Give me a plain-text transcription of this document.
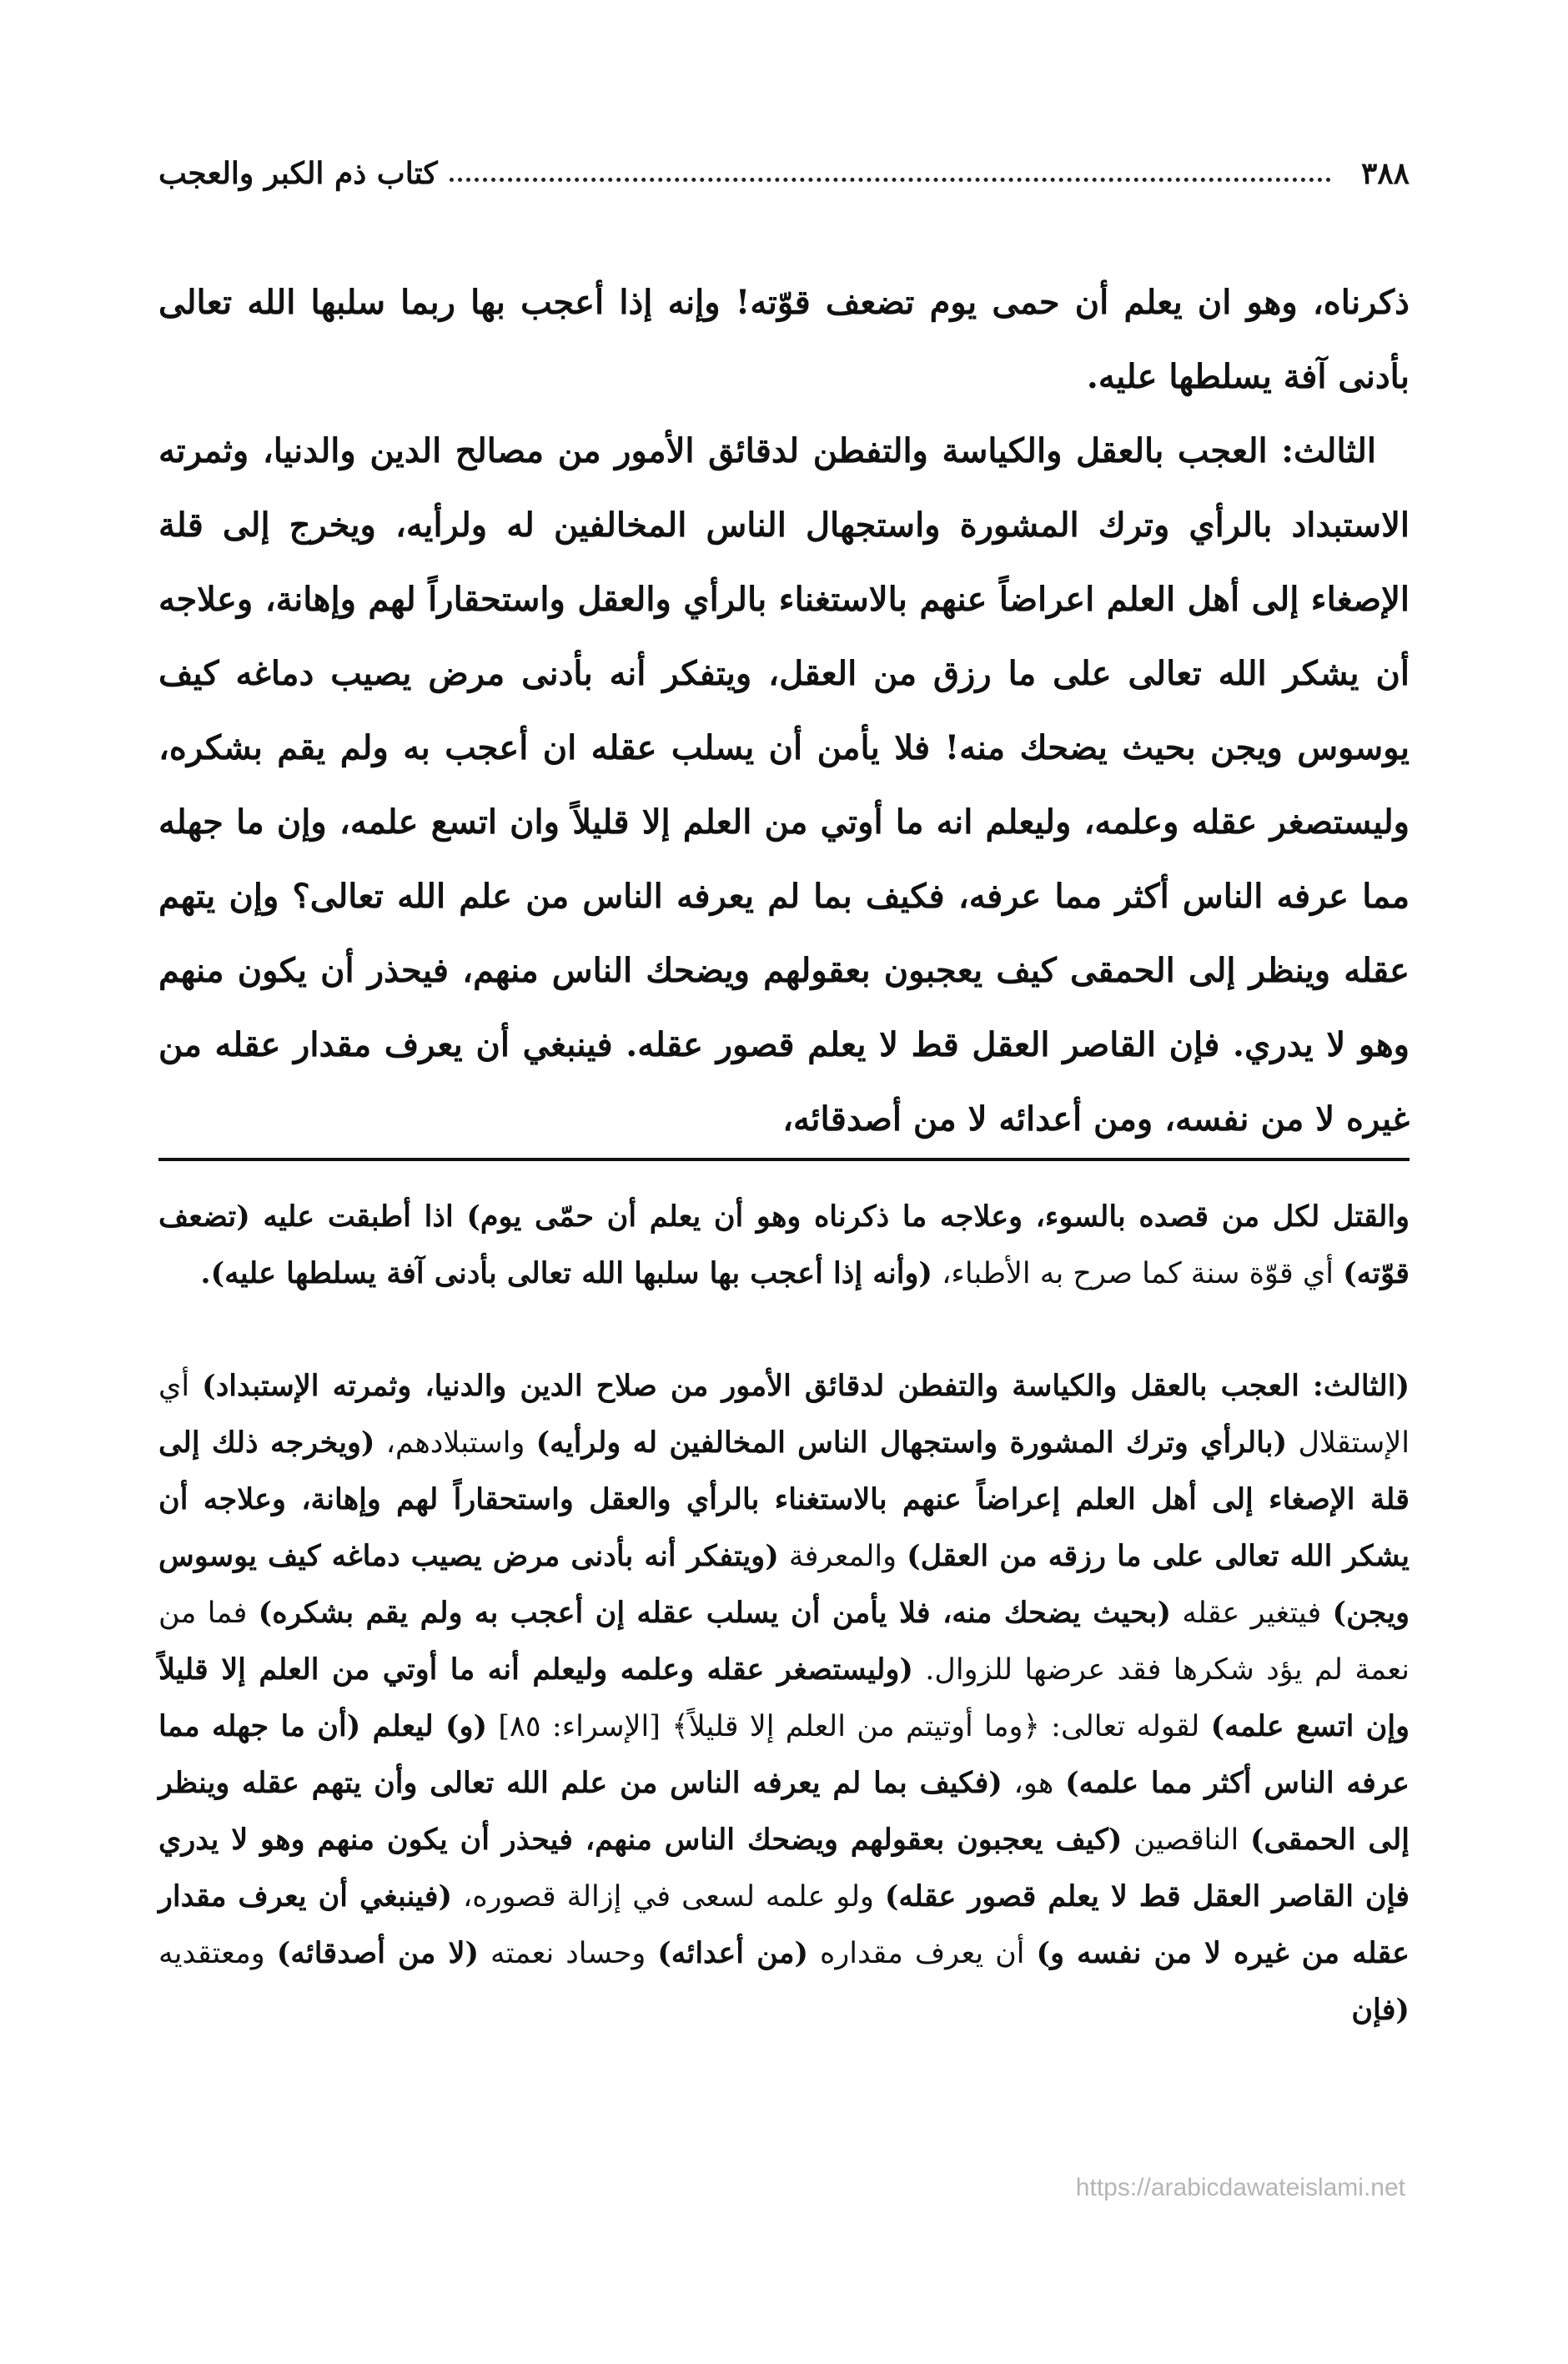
٣٨٨
كتاب ذم الكبر والعجب

ذكرناه، وهو ان يعلم أن حمى يوم تضعف قوّته! وإنه إذا أعجب بها ربما سلبها الله تعالى بأدنى آفة يسلطها عليه.

الثالث: العجب بالعقل والكياسة والتفطن لدقائق الأمور من مصالح الدين والدنيا، وثمرته الاستبداد بالرأي وترك المشورة واستجهال الناس المخالفين له ولرأيه، ويخرج إلى قلة الإصغاء إلى أهل العلم اعراضاً عنهم بالاستغناء بالرأي والعقل واستحقاراً لهم وإهانة، وعلاجه أن يشكر الله تعالى على ما رزق من العقل، ويتفكر أنه بأدنى مرض يصيب دماغه كيف يوسوس ويجن بحيث يضحك منه! فلا يأمن أن يسلب عقله ان أعجب به ولم يقم بشكره، وليستصغر عقله وعلمه، وليعلم انه ما أوتي من العلم إلا قليلاً وان اتسع علمه، وإن ما جهله مما عرفه الناس أكثر مما عرفه، فكيف بما لم يعرفه الناس من علم الله تعالى؟ وإن يتهم عقله وينظر إلى الحمقى كيف يعجبون بعقولهم ويضحك الناس منهم، فيحذر أن يكون منهم وهو لا يدري. فإن القاصر العقل قط لا يعلم قصور عقله. فينبغي أن يعرف مقدار عقله من غيره لا من نفسه، ومن أعدائه لا من أصدقائه،

والقتل لكل من قصده بالسوء، وعلاجه ما ذكرناه وهو أن يعلم أن حمّى يوم) اذا أطبقت عليه (تضعف قوّته) أي قوّة سنة كما صرح به الأطباء، (وأنه إذا أعجب بها سلبها الله تعالى بأدنى آفة يسلطها عليه).

(الثالث: العجب بالعقل والكياسة والتفطن لدقائق الأمور من صلاح الدين والدنيا، وثمرته الإستبداد) أي الإستقلال (بالرأي وترك المشورة واستجهال الناس المخالفين له ولرأيه) واستبلادهم، (ويخرجه ذلك إلى قلة الإصغاء إلى أهل العلم إعراضاً عنهم بالاستغناء بالرأي والعقل واستحقاراً لهم وإهانة، وعلاجه أن يشكر الله تعالى على ما رزقه من العقل) والمعرفة (ويتفكر أنه بأدنى مرض يصيب دماغه كيف يوسوس ويجن) فيتغير عقله (بحيث يضحك منه، فلا يأمن أن يسلب عقله إن أعجب به ولم يقم بشكره) فما من نعمة لم يؤد شكرها فقد عرضها للزوال. (وليستصغر عقله وعلمه وليعلم أنه ما أوتي من العلم إلا قليلاً وإن اتسع علمه) لقوله تعالى: ﴿وما أوتيتم من العلم إلا قليلاً﴾ [الإسراء: ٨٥] (و) ليعلم (أن ما جهله مما عرفه الناس أكثر مما علمه) هو، (فكيف بما لم يعرفه الناس من علم الله تعالى وأن يتهم عقله وينظر إلى الحمقى) الناقصين (كيف يعجبون بعقولهم ويضحك الناس منهم، فيحذر أن يكون منهم وهو لا يدري فإن القاصر العقل قط لا يعلم قصور عقله) ولو علمه لسعى في إزالة قصوره، (فينبغي أن يعرف مقدار عقله من غيره لا من نفسه و) أن يعرف مقداره (من أعدائه) وحساد نعمته (لا من أصدقائه) ومعتقديه (فإن

https://arabicdawateislami.net
